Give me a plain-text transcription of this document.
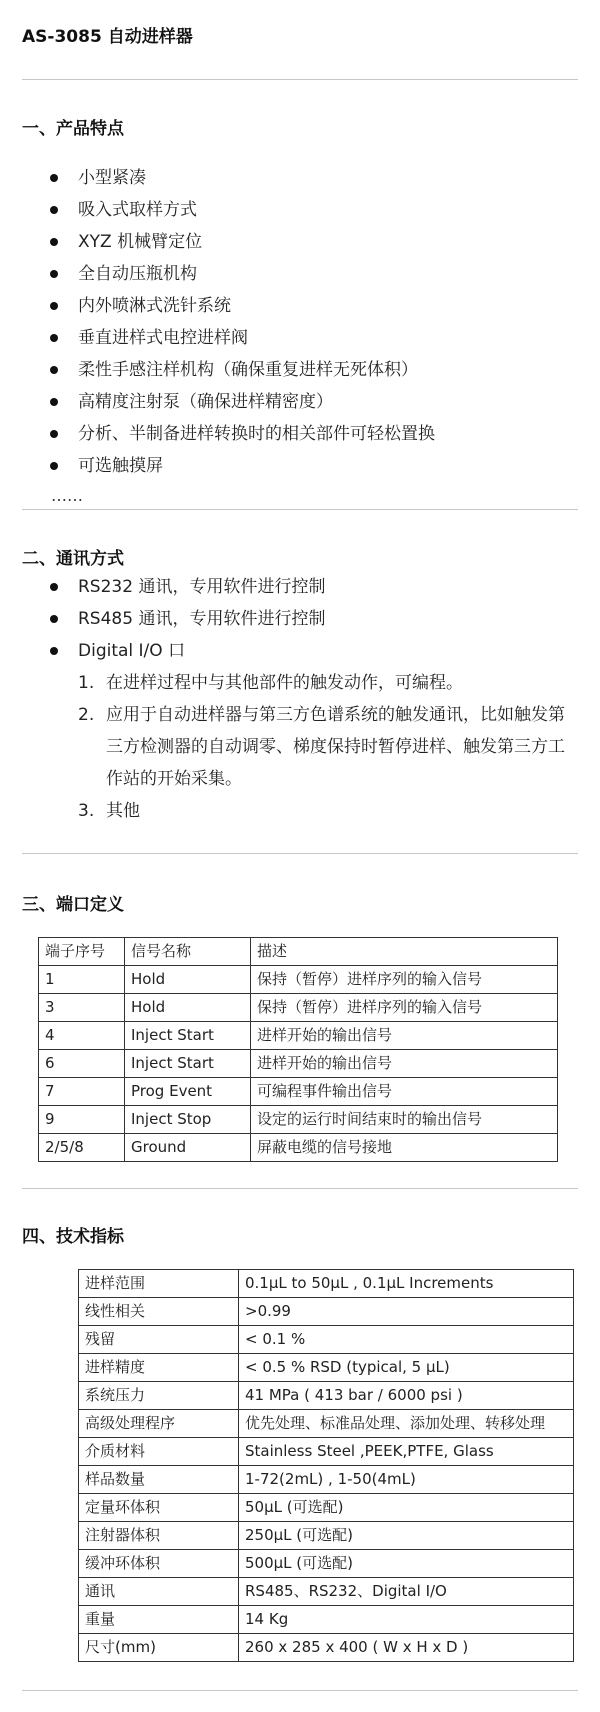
AS-3085 自动进样器
一、产品特点
小型紧凑
吸入式取样方式
XYZ 机械臂定位
全自动压瓶机构
内外喷淋式洗针系统
垂直进样式电控进样阀
柔性手感注样机构（确保重复进样无死体积）
高精度注射泵（确保进样精密度）
分析、半制备进样转换时的相关部件可轻松置换
可选触摸屏
……
二、通讯方式
RS232 通讯，专用软件进行控制
RS485 通讯，专用软件进行控制
Digital I/O 口
1. 在进样过程中与其他部件的触发动作，可编程。
2. 应用于自动进样器与第三方色谱系统的触发通讯，比如触发第三方检测器的自动调零、梯度保持时暂停进样、触发第三方工作站的开始采集。
3. 其他
三、端口定义
端子序号	信号名称	描述
1	Hold	保持（暂停）进样序列的输入信号
3	Hold	保持（暂停）进样序列的输入信号
4	Inject Start	进样开始的输出信号
6	Inject Start	进样开始的输出信号
7	Prog Event	可编程事件输出信号
9	Inject Stop	设定的运行时间结束时的输出信号
2/5/8	Ground	屏蔽电缆的信号接地
四、技术指标
进样范围	0.1µL to 50µL , 0.1µL Increments
线性相关	>0.99
残留	< 0.1 %
进样精度	< 0.5 % RSD (typical, 5 µL)
系统压力	41 MPa ( 413 bar / 6000 psi )
高级处理程序	优先处理、标准品处理、添加处理、转移处理
介质材料	Stainless Steel ,PEEK,PTFE, Glass
样品数量	1-72(2mL) , 1-50(4mL)
定量环体积	50µL (可选配)
注射器体积	250µL (可选配)
缓冲环体积	500µL (可选配)
通讯	RS485、RS232、Digital I/O
重量	14 Kg
尺寸(mm)	260 x 285 x 400 ( W x H x D )
